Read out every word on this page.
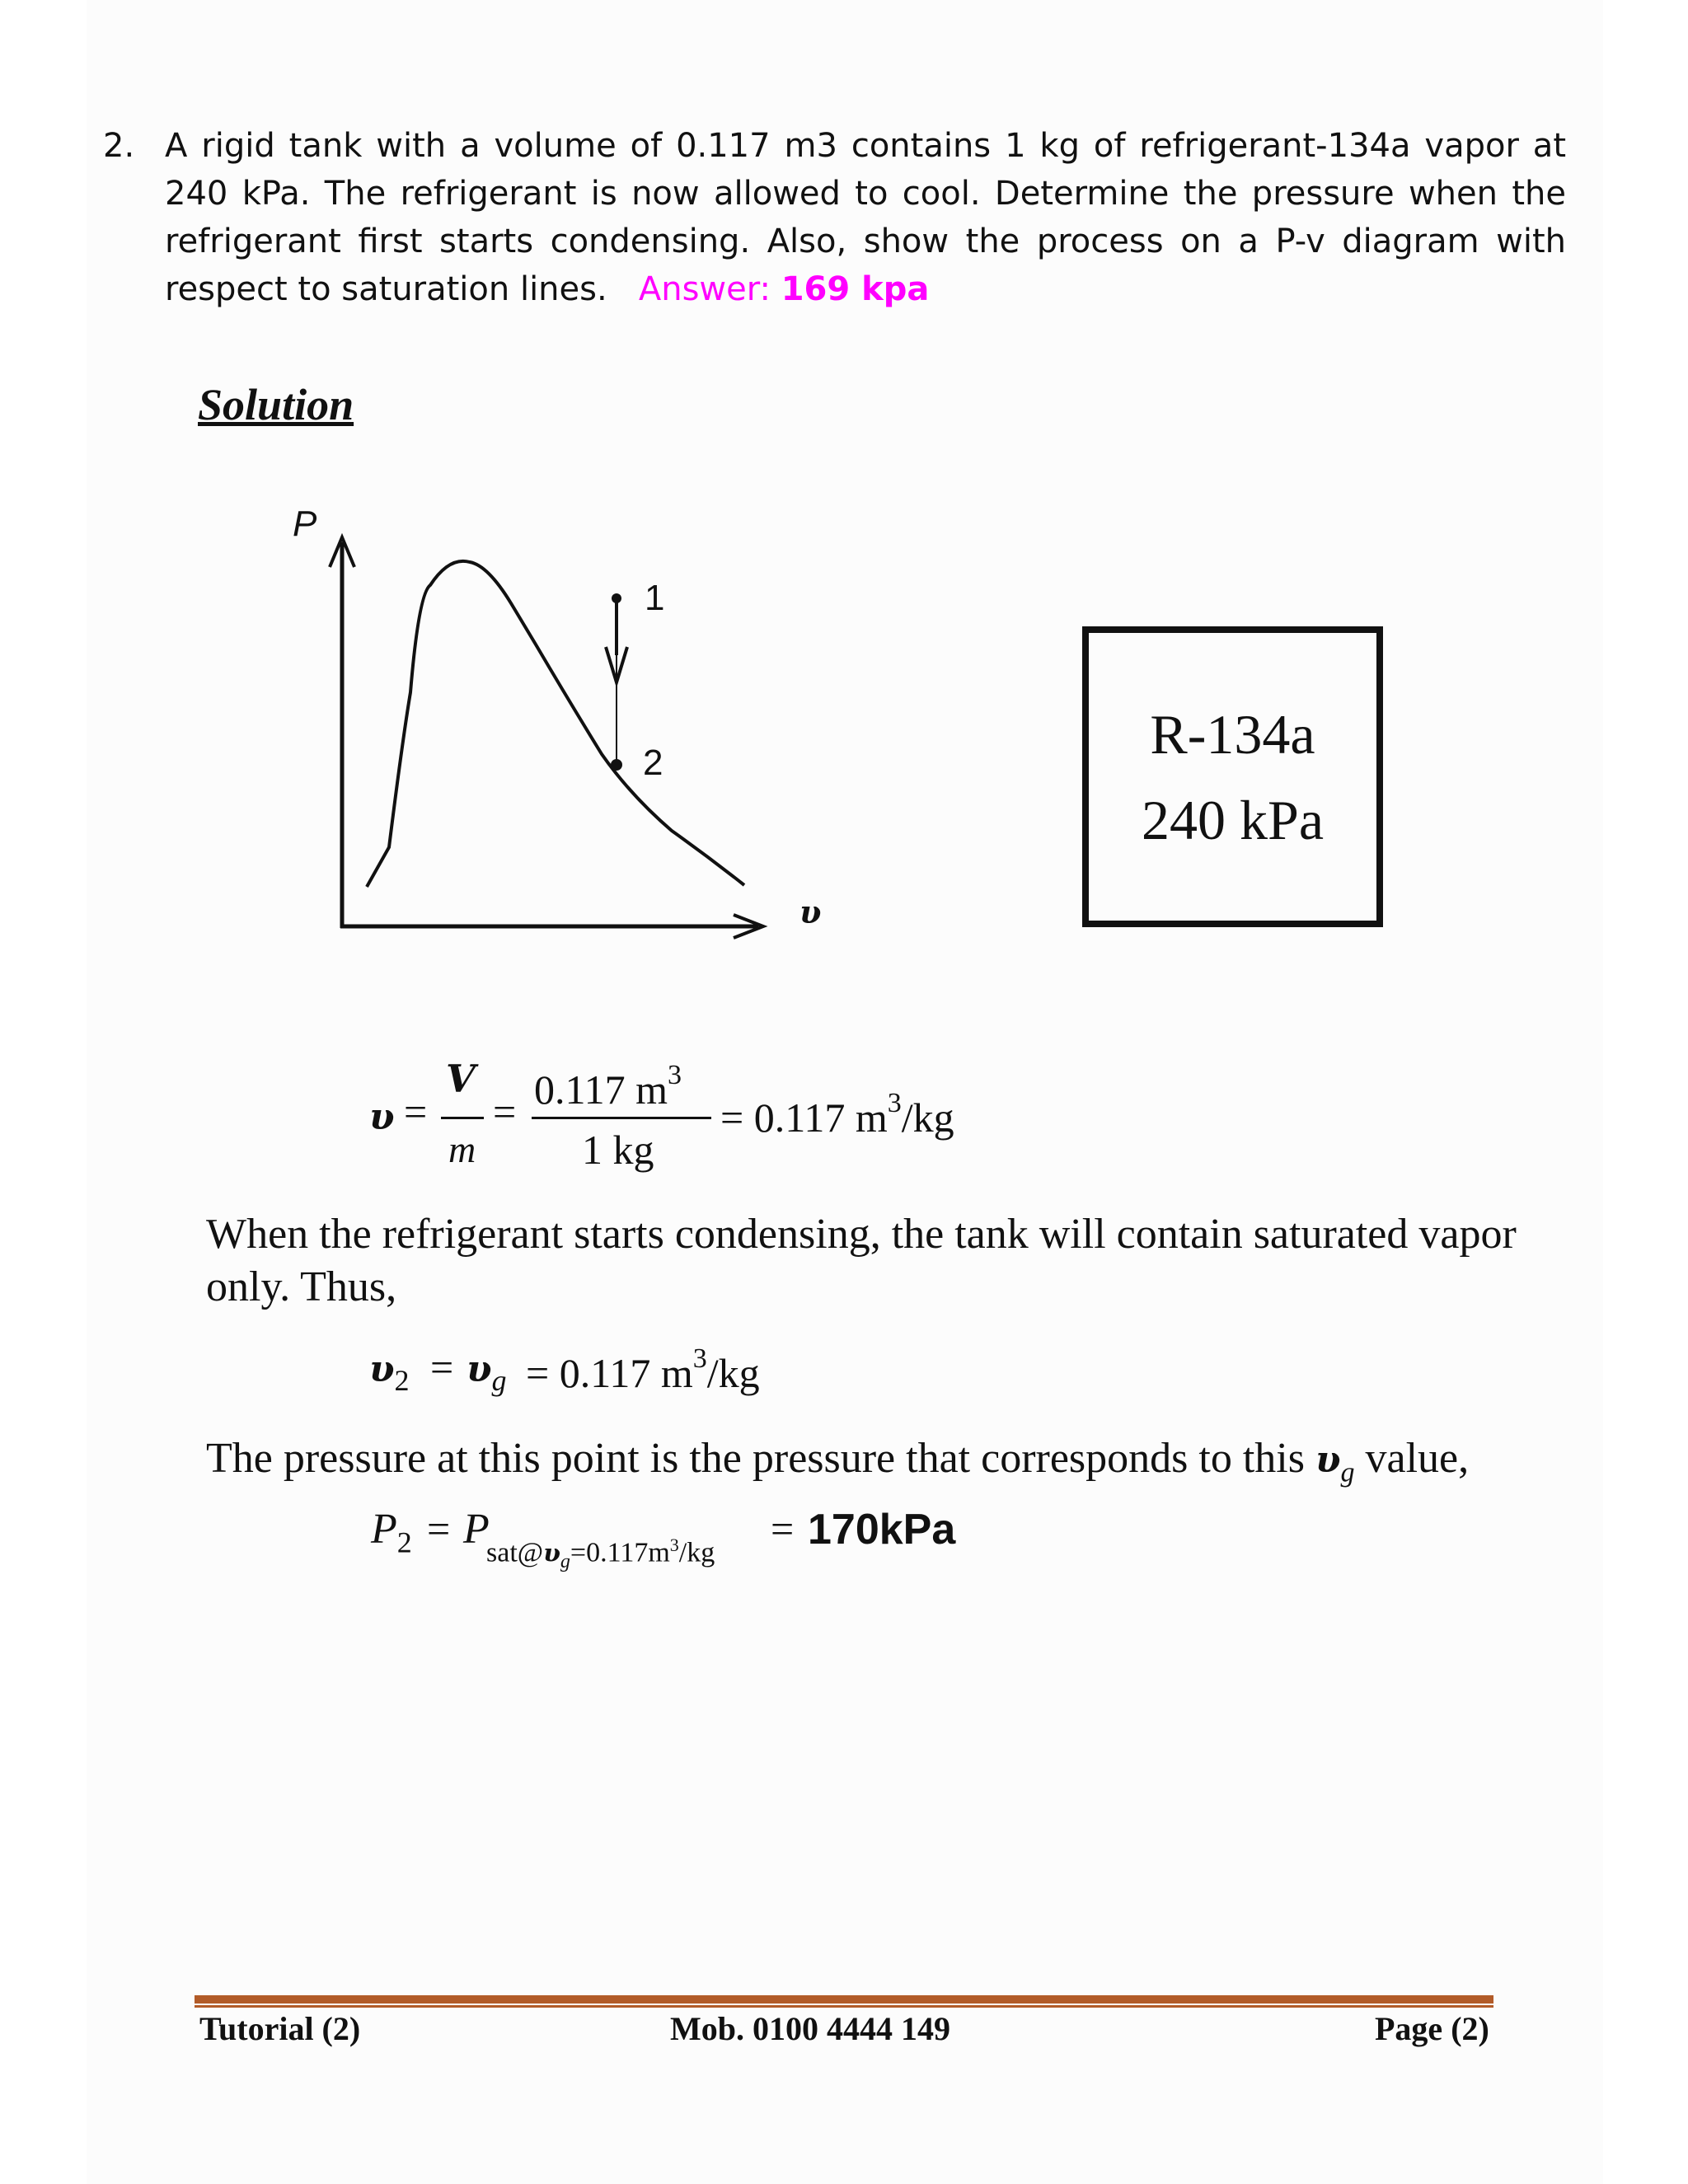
2. A rigid tank with a volume of 0.117 m3 contains 1 kg of refrigerant-134a vapor at 240 kPa. The refrigerant is now allowed to cool. Determine the pressure when the refrigerant first starts condensing. Also, show the process on a P-v diagram with respect to saturation lines. Answer: 169 kpa
Solution
P
υ
1
2	R-134a
240 kPa
υ =
V
m
= 0.117 $m^3$
1 kg
= 0.117 $m^3/kg$
When the refrigerant starts condensing, the tank will contain saturated vapor only. Thus,
$\upsilon_2 = \upsilon_g = 0.117$ $m^3/kg$
The pressure at this point is the pressure that corresponds to this $\upsilon_g$ value,
$P_2 = P$
$sat@\upsilon_g=0.117m^3/kg$
= 170kPa
Tutorial (2)	Mob. 0100 4444 149	Page (2)
